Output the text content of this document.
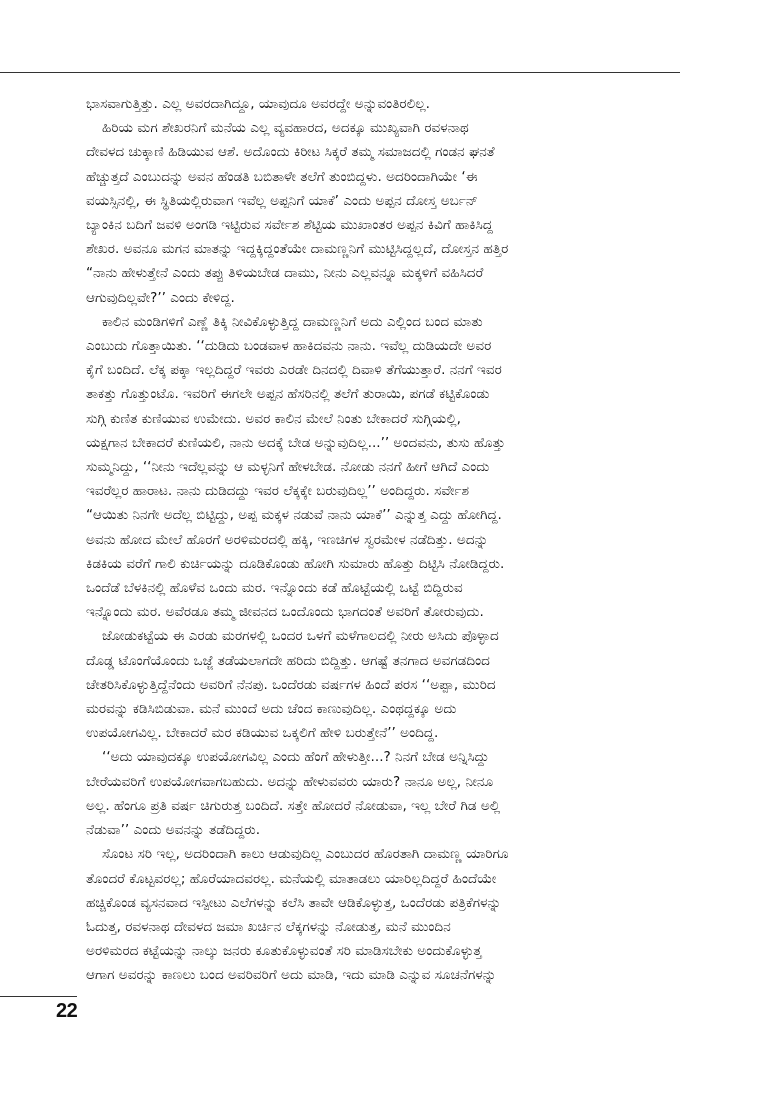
ಭಾಸವಾಗುತ್ತಿತ್ತು. ಎಲ್ಲ ಅವರದಾಗಿದ್ದೂ, ಯಾವುದೂ ಅವರದ್ದೇ ಅನ್ನುವಂತಿರಲಿಲ್ಲ.
ಹಿರಿಯ ಮಗ ಶೇಖರನಿಗೆ ಮನೆಯ ಎಲ್ಲ ವ್ಯವಹಾರದ, ಅದಕ್ಕೂ ಮುಖ್ಯವಾಗಿ ರವಳನಾಥ
ದೇವಳದ ಚುಕ್ಕಾಣಿ ಹಿಡಿಯುವ ಆಶೆ. ಅದೊಂದು ಕಿರೀಟ ಸಿಕ್ಕರೆ ತಮ್ಮ ಸಮಾಜದಲ್ಲಿ ಗಂಡನ ಘನತೆ
ಹೆಚ್ಚುತ್ತದೆ ಎಂಬುದನ್ನು ಅವನ ಹೆಂಡತಿ ಬಬಿತಾಳೇ ತಲೆಗೆ ತುಂಬಿದ್ದಳು. ಅದರಿಂದಾಗಿಯೇ ‘ಈ
ವಯಸ್ಸಿನಲ್ಲಿ, ಈ ಸ್ಥಿತಿಯಲ್ಲಿರುವಾಗ ಇವೆಲ್ಲ ಅಪ್ಪನಿಗೆ ಯಾಕೆ’ ಎಂದು ಅಪ್ಪನ ದೋಸ್ತ ಅರ್ಬನ್
ಬ್ಯಾಂಕಿನ ಬದಿಗೆ ಜವಳಿ ಅಂಗಡಿ ಇಟ್ಟಿರುವ ಸರ್ವೇಶ ಶೆಟ್ಟಿಯ ಮುಖಾಂತರ ಅಪ್ಪನ ಕಿವಿಗೆ ಹಾಕಿಸಿದ್ದ
ಶೇಖರ. ಅವನೂ ಮಗನ ಮಾತನ್ನು ಇದ್ದಕ್ಕಿದ್ದಂತೆಯೇ ದಾಮಣ್ಣನಿಗೆ ಮುಟ್ಟಿಸಿದ್ದಲ್ಲದೆ, ದೋಸ್ತನ ಹತ್ತಿರ
“ನಾನು ಹೇಳುತ್ತೇನೆ ಎಂದು ತಪ್ಪು ತಿಳಿಯಬೇಡ ದಾಮು, ನೀನು ಎಲ್ಲವನ್ನೂ ಮಕ್ಕಳಿಗೆ ವಹಿಸಿದರೆ
ಆಗುವುದಿಲ್ಲವೇ?’’ ಎಂದು ಕೇಳಿದ್ದ.
ಕಾಲಿನ ಮಂಡಿಗಳಿಗೆ ಎಣ್ಣೆ ತಿಕ್ಕಿ ನೀವಿಕೊಳ್ಳುತ್ತಿದ್ದ ದಾಮಣ್ಣನಿಗೆ ಅದು ಎಲ್ಲಿಂದ ಬಂದ ಮಾತು
ಎಂಬುದು ಗೊತ್ತಾಯಿತು. ‘‘ದುಡಿದು ಬಂಡವಾಳ ಹಾಕಿದವನು ನಾನು. ಇವೆಲ್ಲ ದುಡಿಯದೇ ಅವರ
ಕೈಗೆ ಬಂದಿದೆ. ಲೆಕ್ಕ ಪಕ್ಕಾ ಇಲ್ಲದಿದ್ದರೆ ಇವರು ಎರಡೇ ದಿನದಲ್ಲಿ ದಿವಾಳಿ ತೆಗೆಯುತ್ತಾರೆ. ನನಗೆ ಇವರ
ತಾಕತ್ತು ಗೊತ್ತುಂಟೊ. ಇವರಿಗೆ ಈಗಲೇ ಅಪ್ಪನ ಹೆಸರಿನಲ್ಲಿ ತಲೆಗೆ ತುರಾಯಿ, ಪಗಡೆ ಕಟ್ಟಿಕೊಂಡು
ಸುಗ್ಗಿ ಕುಣಿತ ಕುಣಿಯುವ ಉಮೇದು. ಅವರ ಕಾಲಿನ ಮೇಲೆ ನಿಂತು ಬೇಕಾದರೆ ಸುಗ್ಗಿಯಲ್ಲಿ,
ಯಕ್ಷಗಾನ ಬೇಕಾದರೆ ಕುಣಿಯಲಿ, ನಾನು ಅದಕ್ಕೆ ಬೇಡ ಅನ್ನುವುದಿಲ್ಲ...’’ ಅಂದವನು, ತುಸು ಹೊತ್ತು
ಸುಮ್ಮನಿದ್ದು, ‘‘ನೀನು ಇದೆಲ್ಲವನ್ನು ಆ ಮಳ್ಳನಿಗೆ ಹೇಳಬೇಡ. ನೋಡು ನನಗೆ ಹೀಗೆ ಆಗಿದೆ ಎಂದು
ಇವರೆಲ್ಲರ ಹಾರಾಟ. ನಾನು ದುಡಿದದ್ದು ಇವರ ಲೆಕ್ಕಕ್ಕೇ ಬರುವುದಿಲ್ಲ’’ ಅಂದಿದ್ದರು. ಸರ್ವೇಶ
“ಆಯಿತು ನಿನಗೇ ಅದೆಲ್ಲ ಬಿಟ್ಟಿದ್ದು, ಅಪ್ಪ ಮಕ್ಕಳ ನಡುವೆ ನಾನು ಯಾಕೆ’’ ಎನ್ನುತ್ತ ಎದ್ದು ಹೋಗಿದ್ದ.
ಅವನು ಹೋದ ಮೇಲೆ ಹೊರಗೆ ಅರಳಿಮರದಲ್ಲಿ ಹಕ್ಕಿ, ಇಣಚಿಗಳ ಸ್ವರಮೇಳ ನಡೆದಿತ್ತು. ಅದನ್ನು
ಕಿಡಕಿಯ ವರೆಗೆ ಗಾಲಿ ಕುರ್ಚಿಯನ್ನು ದೂಡಿಕೊಂಡು ಹೋಗಿ ಸುಮಾರು ಹೊತ್ತು ದಿಟ್ಟಿಸಿ ನೋಡಿದ್ದರು.
ಒಂದೆಡೆ ಬೆಳಕಿನಲ್ಲಿ ಹೊಳೆವ ಒಂದು ಮರ. ಇನ್ನೊಂದು ಕಡೆ ಹೊಟ್ಟೆಯಲ್ಲಿ ಒಟ್ಟೆ ಬಿದ್ದಿರುವ
ಇನ್ನೊಂದು ಮರ. ಅವೆರಡೂ ತಮ್ಮ ಜೀವನದ ಒಂದೊಂದು ಭಾಗದಂತೆ ಅವರಿಗೆ ತೋರುವುದು.
ಜೋಡುಕಟ್ಟೆಯ ಈ ಎರಡು ಮರಗಳಲ್ಲಿ ಒಂದರ ಒಳಗೆ ಮಳೆಗಾಲದಲ್ಲಿ ನೀರು ಅಸಿದು ಪೊಳ್ಳಾದ
ದೊಡ್ಡ ಟೊಂಗೆಯೊಂದು ಒಜ್ಜೆ ತಡೆಯಲಾಗದೇ ಹರಿದು ಬಿದ್ದಿತ್ತು. ಆಗಷ್ಟೆ ತನಗಾದ ಅವಗಡದಿಂದ
ಚೇತರಿಸಿಕೊಳ್ಳುತ್ತಿದ್ದೆನೆಂದು ಅವರಿಗೆ ನೆನಪು. ಒಂದೆರಡು ವರ್ಷಗಳ ಹಿಂದೆ ಪರಸ ‘‘ಅಪ್ಪಾ, ಮುರಿದ
ಮರವನ್ನು ಕಡಿಸಿಬಿಡುವಾ. ಮನೆ ಮುಂದೆ ಅದು ಚೆಂದ ಕಾಣುವುದಿಲ್ಲ. ಎಂಥದ್ದಕ್ಕೂ ಅದು
ಉಪಯೋಗವಿಲ್ಲ. ಬೇಕಾದರೆ ಮರ ಕಡಿಯುವ ಒಕ್ಕಲಿಗೆ ಹೇಳಿ ಬರುತ್ತೇನೆ’’ ಅಂದಿದ್ದ.
‘‘ಅದು ಯಾವುದಕ್ಕೂ ಉಪಯೋಗವಿಲ್ಲ ಎಂದು ಹೆಂಗೆ ಹೇಳುತ್ತೀ...? ನಿನಗೆ ಬೇಡ ಅನ್ನಿಸಿದ್ದು
ಬೇರೆಯವರಿಗೆ ಉಪಯೋಗವಾಗಬಹುದು. ಅದನ್ನು ಹೇಳುವವರು ಯಾರು? ನಾನೂ ಅಲ್ಲ, ನೀನೂ
ಅಲ್ಲ. ಹೆಂಗೂ ಪ್ರತಿ ವರ್ಷ ಚಿಗುರುತ್ತ ಬಂದಿದೆ. ಸತ್ತೇ ಹೋದರೆ ನೋಡುವಾ, ಇಲ್ಲ ಬೇರೆ ಗಿಡ ಅಲ್ಲಿ
ನೆಡುವಾ’’ ಎಂದು ಅವನನ್ನು ತಡೆದಿದ್ದರು.
ಸೊಂಟ ಸರಿ ಇಲ್ಲ, ಅದರಿಂದಾಗಿ ಕಾಲು ಆಡುವುದಿಲ್ಲ ಎಂಬುದರ ಹೊರತಾಗಿ ದಾಮಣ್ಣ ಯಾರಿಗೂ
ತೊಂದರೆ ಕೊಟ್ಟವರಲ್ಲ; ಹೊರೆಯಾದವರಲ್ಲ. ಮನೆಯಲ್ಲಿ ಮಾತಾಡಲು ಯಾರಿಲ್ಲದಿದ್ದರೆ ಹಿಂದೆಯೇ
ಹಚ್ಚಿಕೊಂಡ ವ್ಯಸನವಾದ ಇಸ್ಪೀಟು ಎಲೆಗಳನ್ನು ಕಲೆಸಿ ತಾವೇ ಆಡಿಕೊಳ್ಳುತ್ತ, ಒಂದೆರಡು ಪತ್ರಿಕೆಗಳನ್ನು
ಓದುತ್ತ, ರವಳನಾಥ ದೇವಳದ ಜಮಾ ಖರ್ಚಿನ ಲೆಕ್ಕಗಳನ್ನು ನೋಡುತ್ತ, ಮನೆ ಮುಂದಿನ
ಅರಳಿಮರದ ಕಟ್ಟೆಯನ್ನು ನಾಲ್ಕು ಜನರು ಕೂತುಕೊಳ್ಳುವಂತೆ ಸರಿ ಮಾಡಿಸಬೇಕು ಅಂದುಕೊಳ್ಳುತ್ತ
ಆಗಾಗ ಅವರನ್ನು ಕಾಣಲು ಬಂದ ಅವರಿವರಿಗೆ ಅದು ಮಾಡಿ, ಇದು ಮಾಡಿ ಎನ್ನುವ ಸೂಚನೆಗಳನ್ನು
22
